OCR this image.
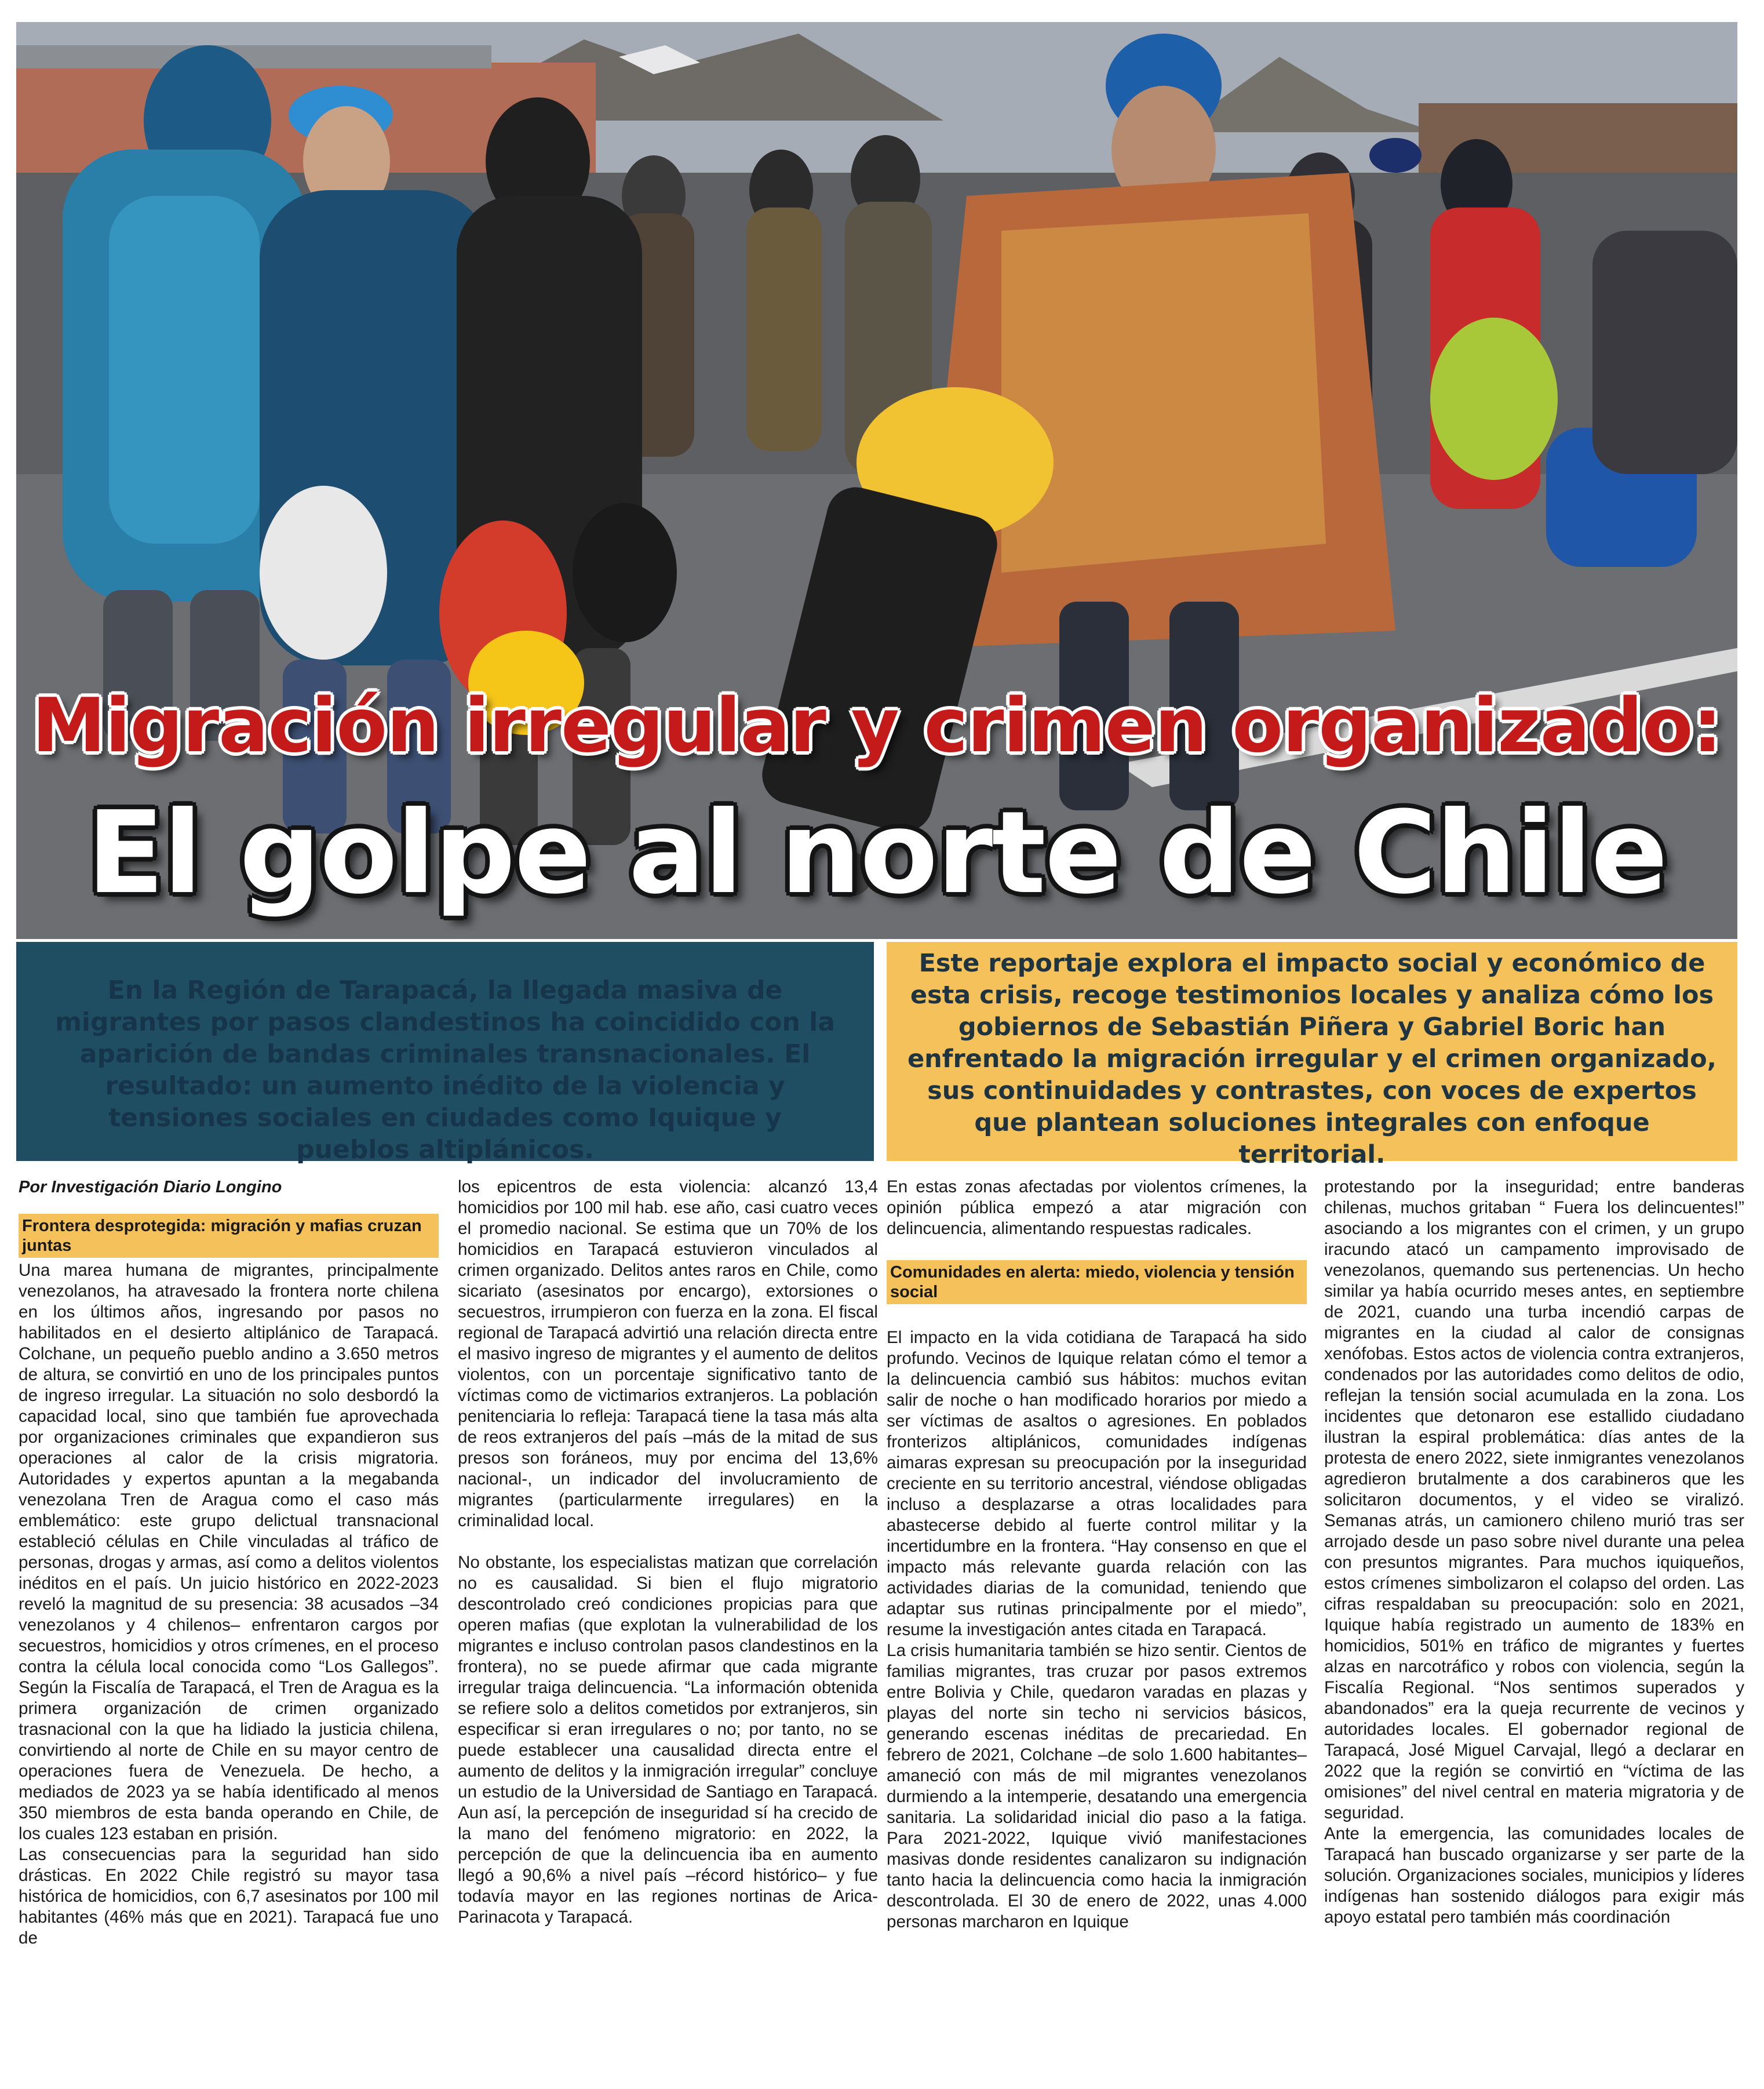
Migración irregular y crimen organizado:
El golpe al norte de Chile

En la Región de Tarapacá, la llegada masiva de migrantes por pasos clandestinos ha coincidido con la aparición de bandas criminales transnacionales. El resultado: un aumento inédito de la violencia y tensiones sociales en ciudades como Iquique y pueblos altiplánicos.

Este reportaje explora el impacto social y económico de esta crisis, recoge testimonios locales y analiza cómo los gobiernos de Sebastián Piñera y Gabriel Boric han enfrentado la migración irregular y el crimen organizado, sus continuidades y contrastes, con voces de expertos que plantean soluciones integrales con enfoque territorial.

Por Investigación Diario Longino

Frontera desprotegida: migración y mafias cruzan juntas

Una marea humana de migrantes, principalmente venezolanos, ha atravesado la frontera norte chilena en los últimos años, ingresando por pasos no habilitados en el desierto altiplánico de Tarapacá. Colchane, un pequeño pueblo andino a 3.650 metros de altura, se convirtió en uno de los principales puntos de ingreso irregular. La situación no solo desbordó la capacidad local, sino que también fue aprovechada por organizaciones criminales que expandieron sus operaciones al calor de la crisis migratoria. Autoridades y expertos apuntan a la megabanda venezolana Tren de Aragua como el caso más emblemático: este grupo delictual transnacional estableció células en Chile vinculadas al tráfico de personas, drogas y armas, así como a delitos violentos inéditos en el país. Un juicio histórico en 2022-2023 reveló la magnitud de su presencia: 38 acusados –34 venezolanos y 4 chilenos– enfrentaron cargos por secuestros, homicidios y otros crímenes, en el proceso contra la célula local conocida como “Los Gallegos”. Según la Fiscalía de Tarapacá, el Tren de Aragua es la primera organización de crimen organizado trasnacional con la que ha lidiado la justicia chilena, convirtiendo al norte de Chile en su mayor centro de operaciones fuera de Venezuela. De hecho, a mediados de 2023 ya se había identificado al menos 350 miembros de esta banda operando en Chile, de los cuales 123 estaban en prisión.

Las consecuencias para la seguridad han sido drásticas. En 2022 Chile registró su mayor tasa histórica de homicidios, con 6,7 asesinatos por 100 mil habitantes (46% más que en 2021). Tarapacá fue uno de

los epicentros de esta violencia: alcanzó 13,4 homicidios por 100 mil hab. ese año, casi cuatro veces el promedio nacional. Se estima que un 70% de los homicidios en Tarapacá estuvieron vinculados al crimen organizado. Delitos antes raros en Chile, como sicariato (asesinatos por encargo), extorsiones o secuestros, irrumpieron con fuerza en la zona. El fiscal regional de Tarapacá advirtió una relación directa entre el masivo ingreso de migrantes y el aumento de delitos violentos, con un porcentaje significativo tanto de víctimas como de victimarios extranjeros. La población penitenciaria lo refleja: Tarapacá tiene la tasa más alta de reos extranjeros del país –más de la mitad de sus presos son foráneos, muy por encima del 13,6% nacional-, un indicador del involucramiento de migrantes (particularmente irregulares) en la criminalidad local.

No obstante, los especialistas matizan que correlación no es causalidad. Si bien el flujo migratorio descontrolado creó condiciones propicias para que operen mafias (que explotan la vulnerabilidad de los migrantes e incluso controlan pasos clandestinos en la frontera), no se puede afirmar que cada migrante irregular traiga delincuencia. “La información obtenida se refiere solo a delitos cometidos por extranjeros, sin especificar si eran irregulares o no; por tanto, no se puede establecer una causalidad directa entre el aumento de delitos y la inmigración irregular” concluye un estudio de la Universidad de Santiago en Tarapacá. Aun así, la percepción de inseguridad sí ha crecido de la mano del fenómeno migratorio: en 2022, la percepción de que la delincuencia iba en aumento llegó a 90,6% a nivel país –récord histórico– y fue todavía mayor en las regiones nortinas de Arica-Parinacota y Tarapacá.

En estas zonas afectadas por violentos crímenes, la opinión pública empezó a atar migración con delincuencia, alimentando respuestas radicales.

Comunidades en alerta: miedo, violencia y tensión social

El impacto en la vida cotidiana de Tarapacá ha sido profundo. Vecinos de Iquique relatan cómo el temor a la delincuencia cambió sus hábitos: muchos evitan salir de noche o han modificado horarios por miedo a ser víctimas de asaltos o agresiones. En poblados fronterizos altiplánicos, comunidades indígenas aimaras expresan su preocupación por la inseguridad creciente en su territorio ancestral, viéndose obligadas incluso a desplazarse a otras localidades para abastecerse debido al fuerte control militar y la incertidumbre en la frontera. “Hay consenso en que el impacto más relevante guarda relación con las actividades diarias de la comunidad, teniendo que adaptar sus rutinas principalmente por el miedo”, resume la investigación antes citada en Tarapacá.

La crisis humanitaria también se hizo sentir. Cientos de familias migrantes, tras cruzar por pasos extremos entre Bolivia y Chile, quedaron varadas en plazas y playas del norte sin techo ni servicios básicos, generando escenas inéditas de precariedad. En febrero de 2021, Colchane –de solo 1.600 habitantes– amaneció con más de mil migrantes venezolanos durmiendo a la intemperie, desatando una emergencia sanitaria. La solidaridad inicial dio paso a la fatiga. Para 2021-2022, Iquique vivió manifestaciones masivas donde residentes canalizaron su indignación tanto hacia la delincuencia como hacia la inmigración descontrolada. El 30 de enero de 2022, unas 4.000 personas marcharon en Iquique

protestando por la inseguridad; entre banderas chilenas, muchos gritaban “ Fuera los delincuentes!” asociando a los migrantes con el crimen, y un grupo iracundo atacó un campamento improvisado de venezolanos, quemando sus pertenencias. Un hecho similar ya había ocurrido meses antes, en septiembre de 2021, cuando una turba incendió carpas de migrantes en la ciudad al calor de consignas xenófobas. Estos actos de violencia contra extranjeros, condenados por las autoridades como delitos de odio, reflejan la tensión social acumulada en la zona. Los incidentes que detonaron ese estallido ciudadano ilustran la espiral problemática: días antes de la protesta de enero 2022, siete inmigrantes venezolanos agredieron brutalmente a dos carabineros que les solicitaron documentos, y el video se viralizó. Semanas atrás, un camionero chileno murió tras ser arrojado desde un paso sobre nivel durante una pelea con presuntos migrantes. Para muchos iquiqueños, estos crímenes simbolizaron el colapso del orden. Las cifras respaldaban su preocupación: solo en 2021, Iquique había registrado un aumento de 183% en homicidios, 501% en tráfico de migrantes y fuertes alzas en narcotráfico y robos con violencia, según la Fiscalía Regional. “Nos sentimos superados y abandonados” era la queja recurrente de vecinos y autoridades locales. El gobernador regional de Tarapacá, José Miguel Carvajal, llegó a declarar en 2022 que la región se convirtió en “víctima de las omisiones” del nivel central en materia migratoria y de seguridad.

Ante la emergencia, las comunidades locales de Tarapacá han buscado organizarse y ser parte de la solución. Organizaciones sociales, municipios y líderes indígenas han sostenido diálogos para exigir más apoyo estatal pero también más coordinación
